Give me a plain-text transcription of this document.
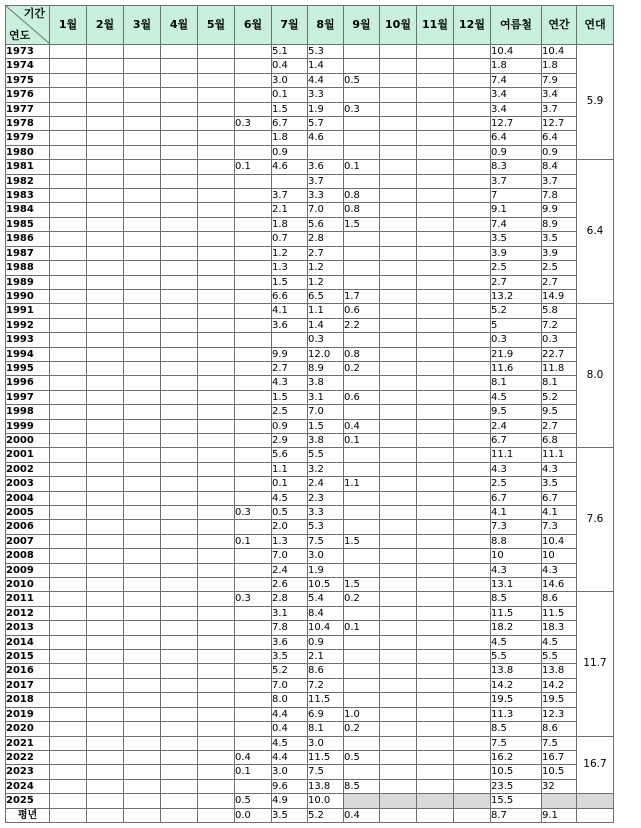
기간
연도	1월	2월	3월	4월	5월	6월	7월	8월	9월	10월	11월	12월	여름철	연간	연대
1973							5.1	5.3					10.4	10.4	5.9
1974							0.4	1.4					1.8	1.8	
1975							3.0	4.4	0.5				7.4	7.9	
1976							0.1	3.3					3.4	3.4	
1977							1.5	1.9	0.3				3.4	3.7	
1978						0.3	6.7	5.7					12.7	12.7	
1979							1.8	4.6					6.4	6.4	
1980							0.9						0.9	0.9	
1981						0.1	4.6	3.6	0.1				8.3	8.4	6.4
1982								3.7					3.7	3.7	
1983							3.7	3.3	0.8				7	7.8	
1984							2.1	7.0	0.8				9.1	9.9	
1985							1.8	5.6	1.5				7.4	8.9	
1986							0.7	2.8					3.5	3.5	
1987							1.2	2.7					3.9	3.9	
1988							1.3	1.2					2.5	2.5	
1989							1.5	1.2					2.7	2.7	
1990							6.6	6.5	1.7				13.2	14.9	
1991							4.1	1.1	0.6				5.2	5.8	8.0
1992							3.6	1.4	2.2				5	7.2	
1993								0.3					0.3	0.3	
1994							9.9	12.0	0.8				21.9	22.7	
1995							2.7	8.9	0.2				11.6	11.8	
1996							4.3	3.8					8.1	8.1	
1997							1.5	3.1	0.6				4.5	5.2	
1998							2.5	7.0					9.5	9.5	
1999							0.9	1.5	0.4				2.4	2.7	
2000							2.9	3.8	0.1				6.7	6.8	
2001							5.6	5.5					11.1	11.1	7.6
2002							1.1	3.2					4.3	4.3	
2003							0.1	2.4	1.1				2.5	3.5	
2004							4.5	2.3					6.7	6.7	
2005						0.3	0.5	3.3					4.1	4.1	
2006							2.0	5.3					7.3	7.3	
2007						0.1	1.3	7.5	1.5				8.8	10.4	
2008							7.0	3.0					10	10	
2009							2.4	1.9					4.3	4.3	
2010							2.6	10.5	1.5				13.1	14.6	
2011						0.3	2.8	5.4	0.2				8.5	8.6	11.7
2012							3.1	8.4					11.5	11.5	
2013							7.8	10.4	0.1				18.2	18.3	
2014							3.6	0.9					4.5	4.5	
2015							3.5	2.1					5.5	5.5	
2016							5.2	8.6					13.8	13.8	
2017							7.0	7.2					14.2	14.2	
2018							8.0	11.5					19.5	19.5	
2019							4.4	6.9	1.0				11.3	12.3	
2020							0.4	8.1	0.2				8.5	8.6	
2021							4.5	3.0					7.5	7.5	16.7
2022						0.4	4.4	11.5	0.5				16.2	16.7	
2023						0.1	3.0	7.5					10.5	10.5	
2024							9.6	13.8	8.5				23.5	32	
2025						0.5	4.9	10.0					15.5		
평년						0.0	3.5	5.2	0.4				8.7	9.1	
